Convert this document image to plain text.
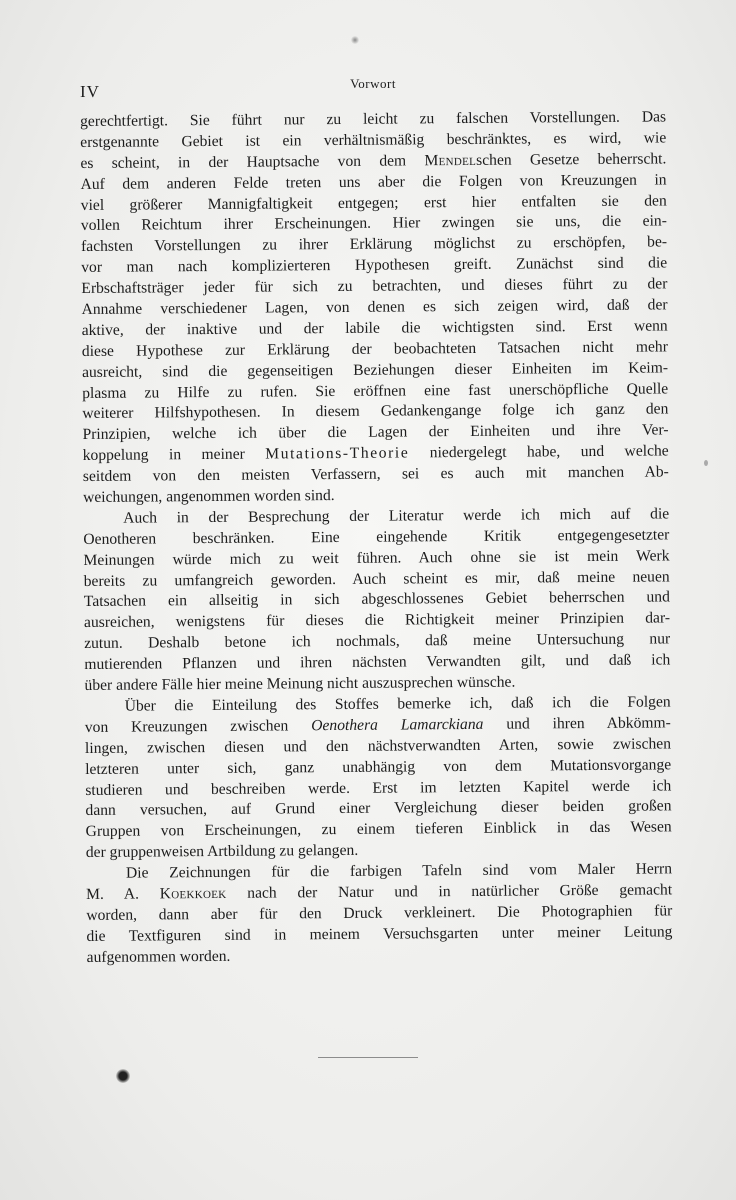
IV	Vorwort
gerechtfertigt. Sie führt nur zu leicht zu falschen Vorstellungen. Das
erstgenannte Gebiet ist ein verhältnismäßig beschränktes, es wird, wie
es scheint, in der Hauptsache von dem Mendelschen Gesetze beherrscht.
Auf dem anderen Felde treten uns aber die Folgen von Kreuzungen in
viel größerer Mannigfaltigkeit entgegen; erst hier entfalten sie den
vollen Reichtum ihrer Erscheinungen. Hier zwingen sie uns, die ein-
fachsten Vorstellungen zu ihrer Erklärung möglichst zu erschöpfen, be-
vor man nach komplizierteren Hypothesen greift. Zunächst sind die
Erbschaftsträger jeder für sich zu betrachten, und dieses führt zu der
Annahme verschiedener Lagen, von denen es sich zeigen wird, daß der
aktive, der inaktive und der labile die wichtigsten sind. Erst wenn
diese Hypothese zur Erklärung der beobachteten Tatsachen nicht mehr
ausreicht, sind die gegenseitigen Beziehungen dieser Einheiten im Keim-
plasma zu Hilfe zu rufen. Sie eröffnen eine fast unerschöpfliche Quelle
weiterer Hilfshypothesen. In diesem Gedankengange folge ich ganz den
Prinzipien, welche ich über die Lagen der Einheiten und ihre Ver-
koppelung in meiner Mutations-Theorie niedergelegt habe, und welche
seitdem von den meisten Verfassern, sei es auch mit manchen Ab-
weichungen, angenommen worden sind.
Auch in der Besprechung der Literatur werde ich mich auf die
Oenotheren beschränken. Eine eingehende Kritik entgegengesetzter
Meinungen würde mich zu weit führen. Auch ohne sie ist mein Werk
bereits zu umfangreich geworden. Auch scheint es mir, daß meine neuen
Tatsachen ein allseitig in sich abgeschlossenes Gebiet beherrschen und
ausreichen, wenigstens für dieses die Richtigkeit meiner Prinzipien dar-
zutun. Deshalb betone ich nochmals, daß meine Untersuchung nur
mutierenden Pflanzen und ihren nächsten Verwandten gilt, und daß ich
über andere Fälle hier meine Meinung nicht auszusprechen wünsche.
Über die Einteilung des Stoffes bemerke ich, daß ich die Folgen
von Kreuzungen zwischen Oenothera Lamarckiana und ihren Abkömm-
lingen, zwischen diesen und den nächstverwandten Arten, sowie zwischen
letzteren unter sich, ganz unabhängig von dem Mutationsvorgange
studieren und beschreiben werde. Erst im letzten Kapitel werde ich
dann versuchen, auf Grund einer Vergleichung dieser beiden großen
Gruppen von Erscheinungen, zu einem tieferen Einblick in das Wesen
der gruppenweisen Artbildung zu gelangen.
Die Zeichnungen für die farbigen Tafeln sind vom Maler Herrn
M. A. Koekkoek nach der Natur und in natürlicher Größe gemacht
worden, dann aber für den Druck verkleinert. Die Photographien für
die Textfiguren sind in meinem Versuchsgarten unter meiner Leitung
aufgenommen worden.
